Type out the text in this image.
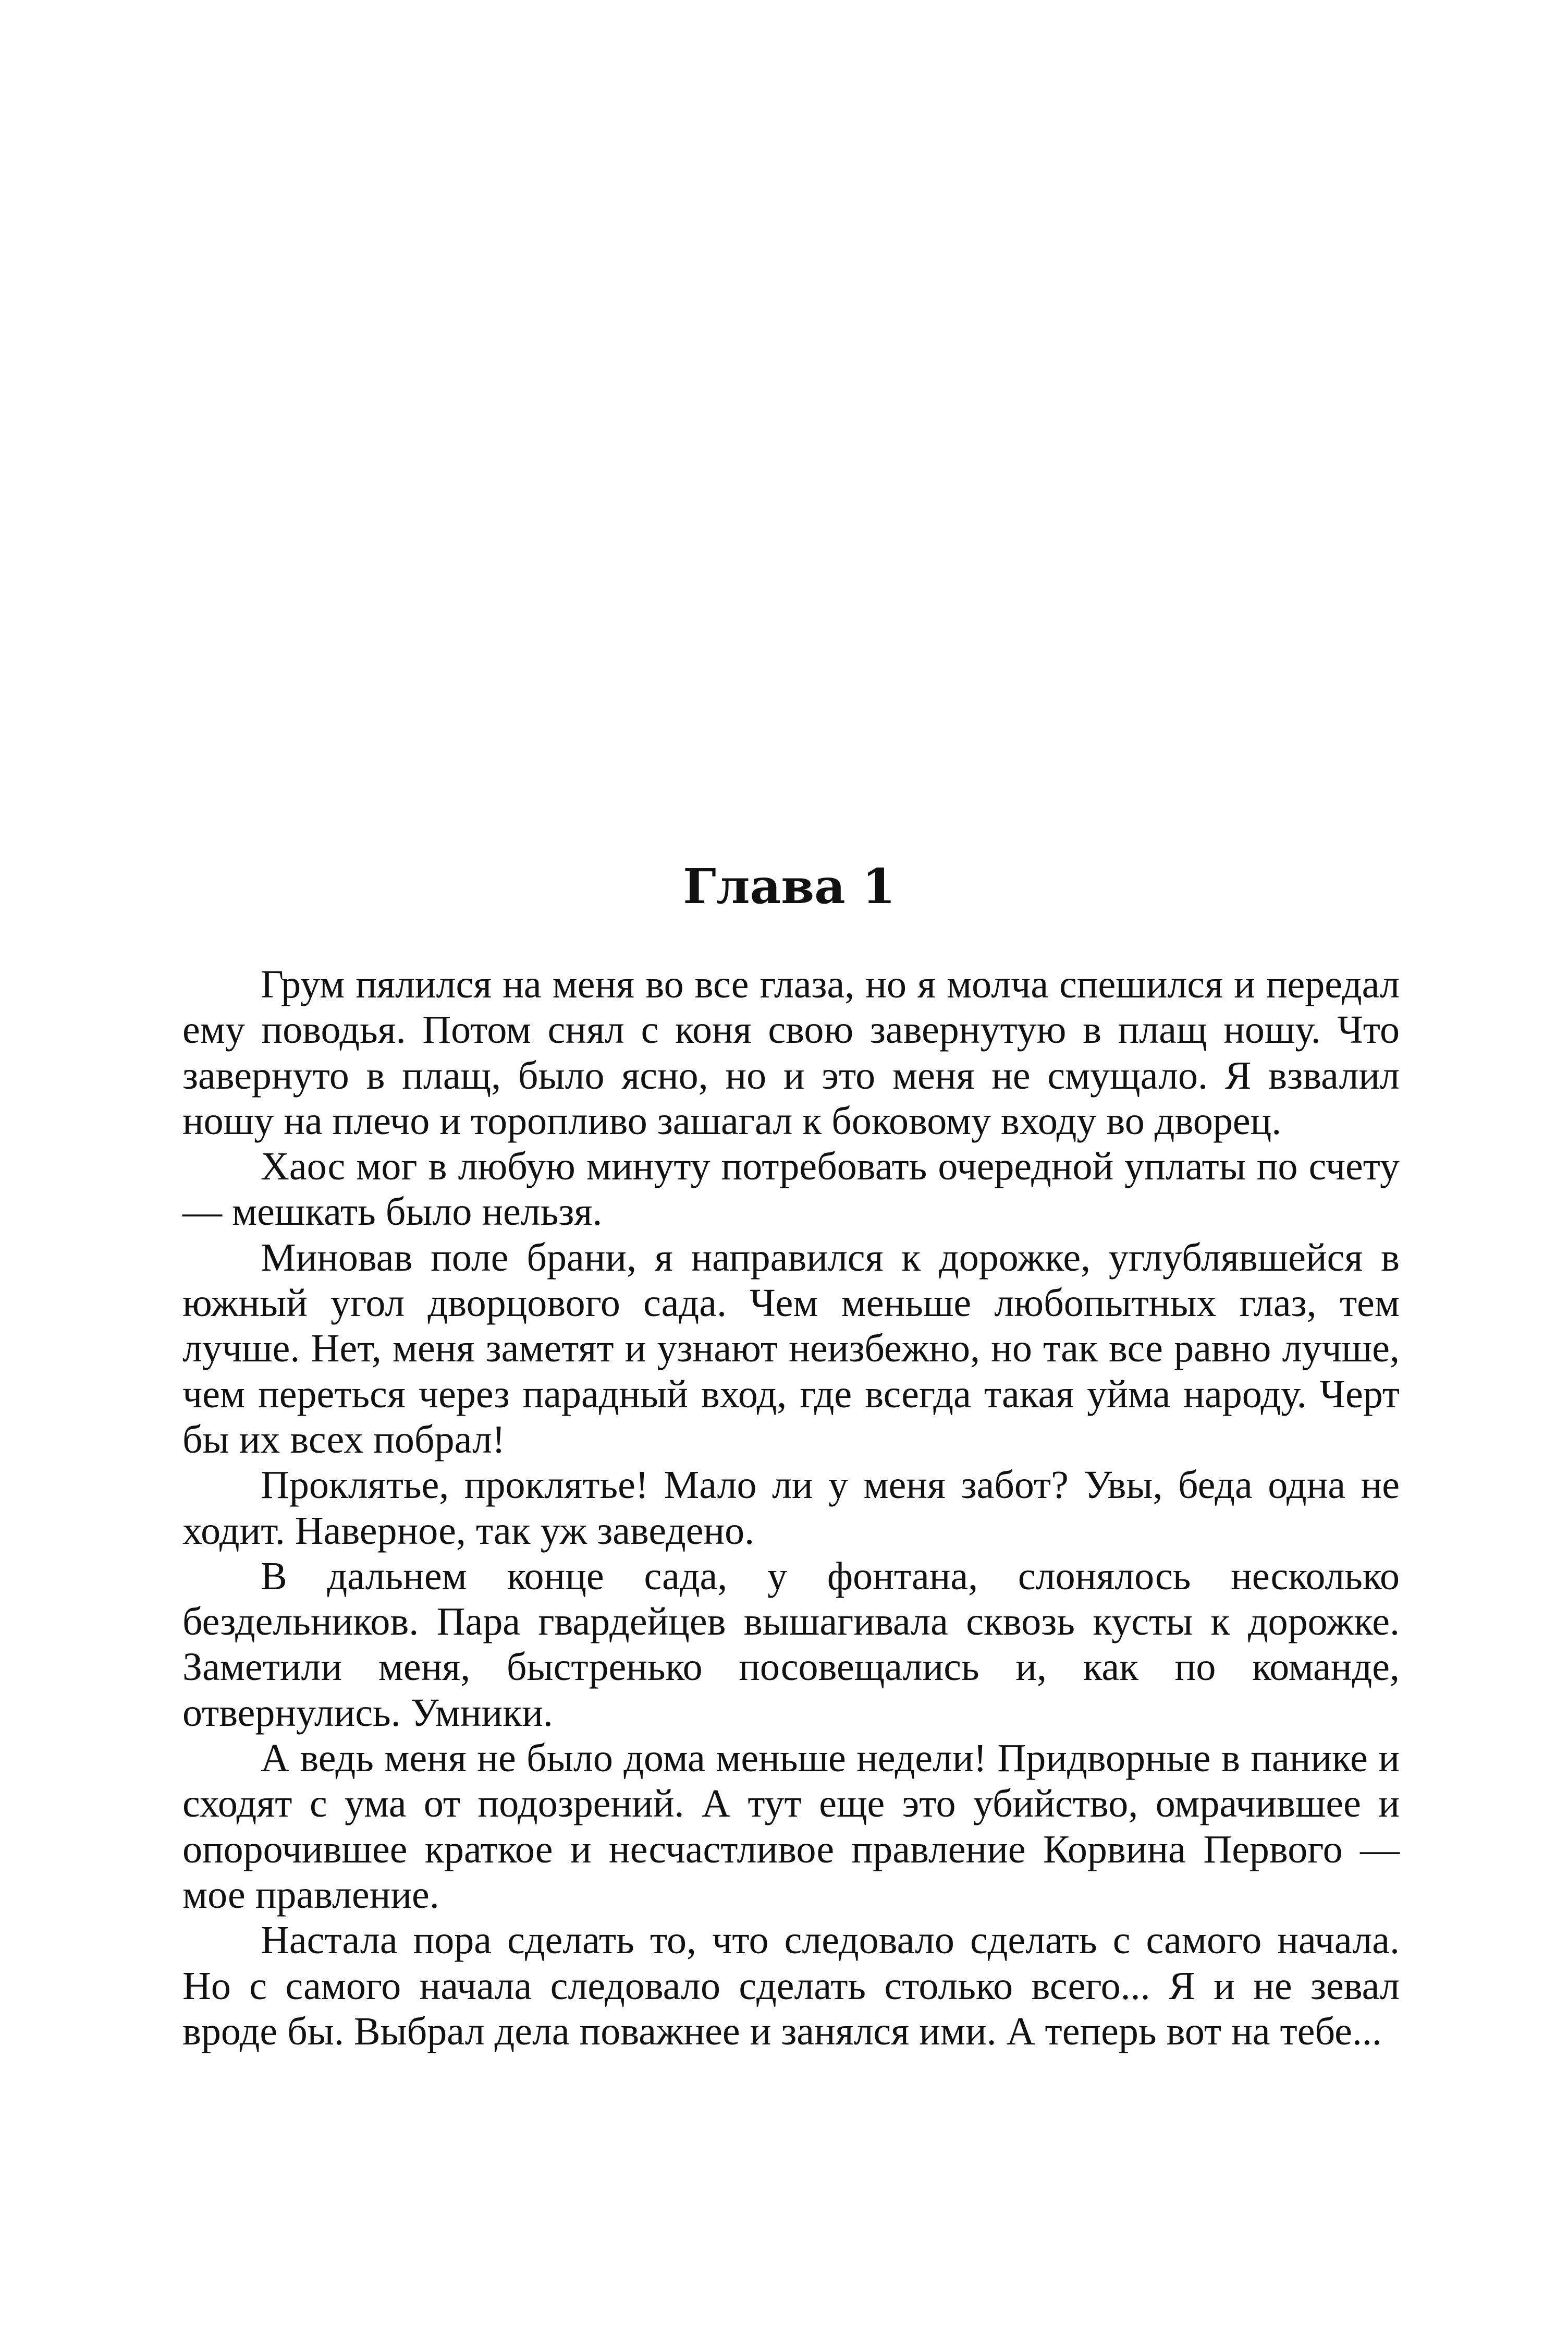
Глава 1

Грум пялился на меня во все глаза, но я молча спешился и передал ему поводья. Потом снял с коня свою завернутую в плащ ношу. Что завернуто в плащ, было ясно, но и это меня не смущало. Я взвалил ношу на плечо и торопливо зашагал к боковому входу во дворец.

Хаос мог в любую минуту потребовать очередной уплаты по счету — мешкать было нельзя.

Миновав поле брани, я направился к дорожке, углублявшейся в южный угол дворцового сада. Чем меньше любопытных глаз, тем лучше. Нет, меня заметят и узнают неизбежно, но так все равно лучше, чем переться через парадный вход, где всегда такая уйма народу. Черт бы их всех побрал!

Проклятье, проклятье! Мало ли у меня забот? Увы, беда одна не ходит. Наверное, так уж заведено.

В дальнем конце сада, у фонтана, слонялось несколько бездельников. Пара гвардейцев вышагивала сквозь кусты к дорожке. Заметили меня, быстренько посовещались и, как по команде, отвернулись. Умники.

А ведь меня не было дома меньше недели! Придворные в панике и сходят с ума от подозрений. А тут еще это убийство, омрачившее и опорочившее краткое и несчастливое правление Корвина Первого — мое правление.

Настала пора сделать то, что следовало сделать с самого начала. Но с самого начала следовало сделать столько всего... Я и не зевал вроде бы. Выбрал дела поважнее и занялся ими. А теперь вот на тебе...
